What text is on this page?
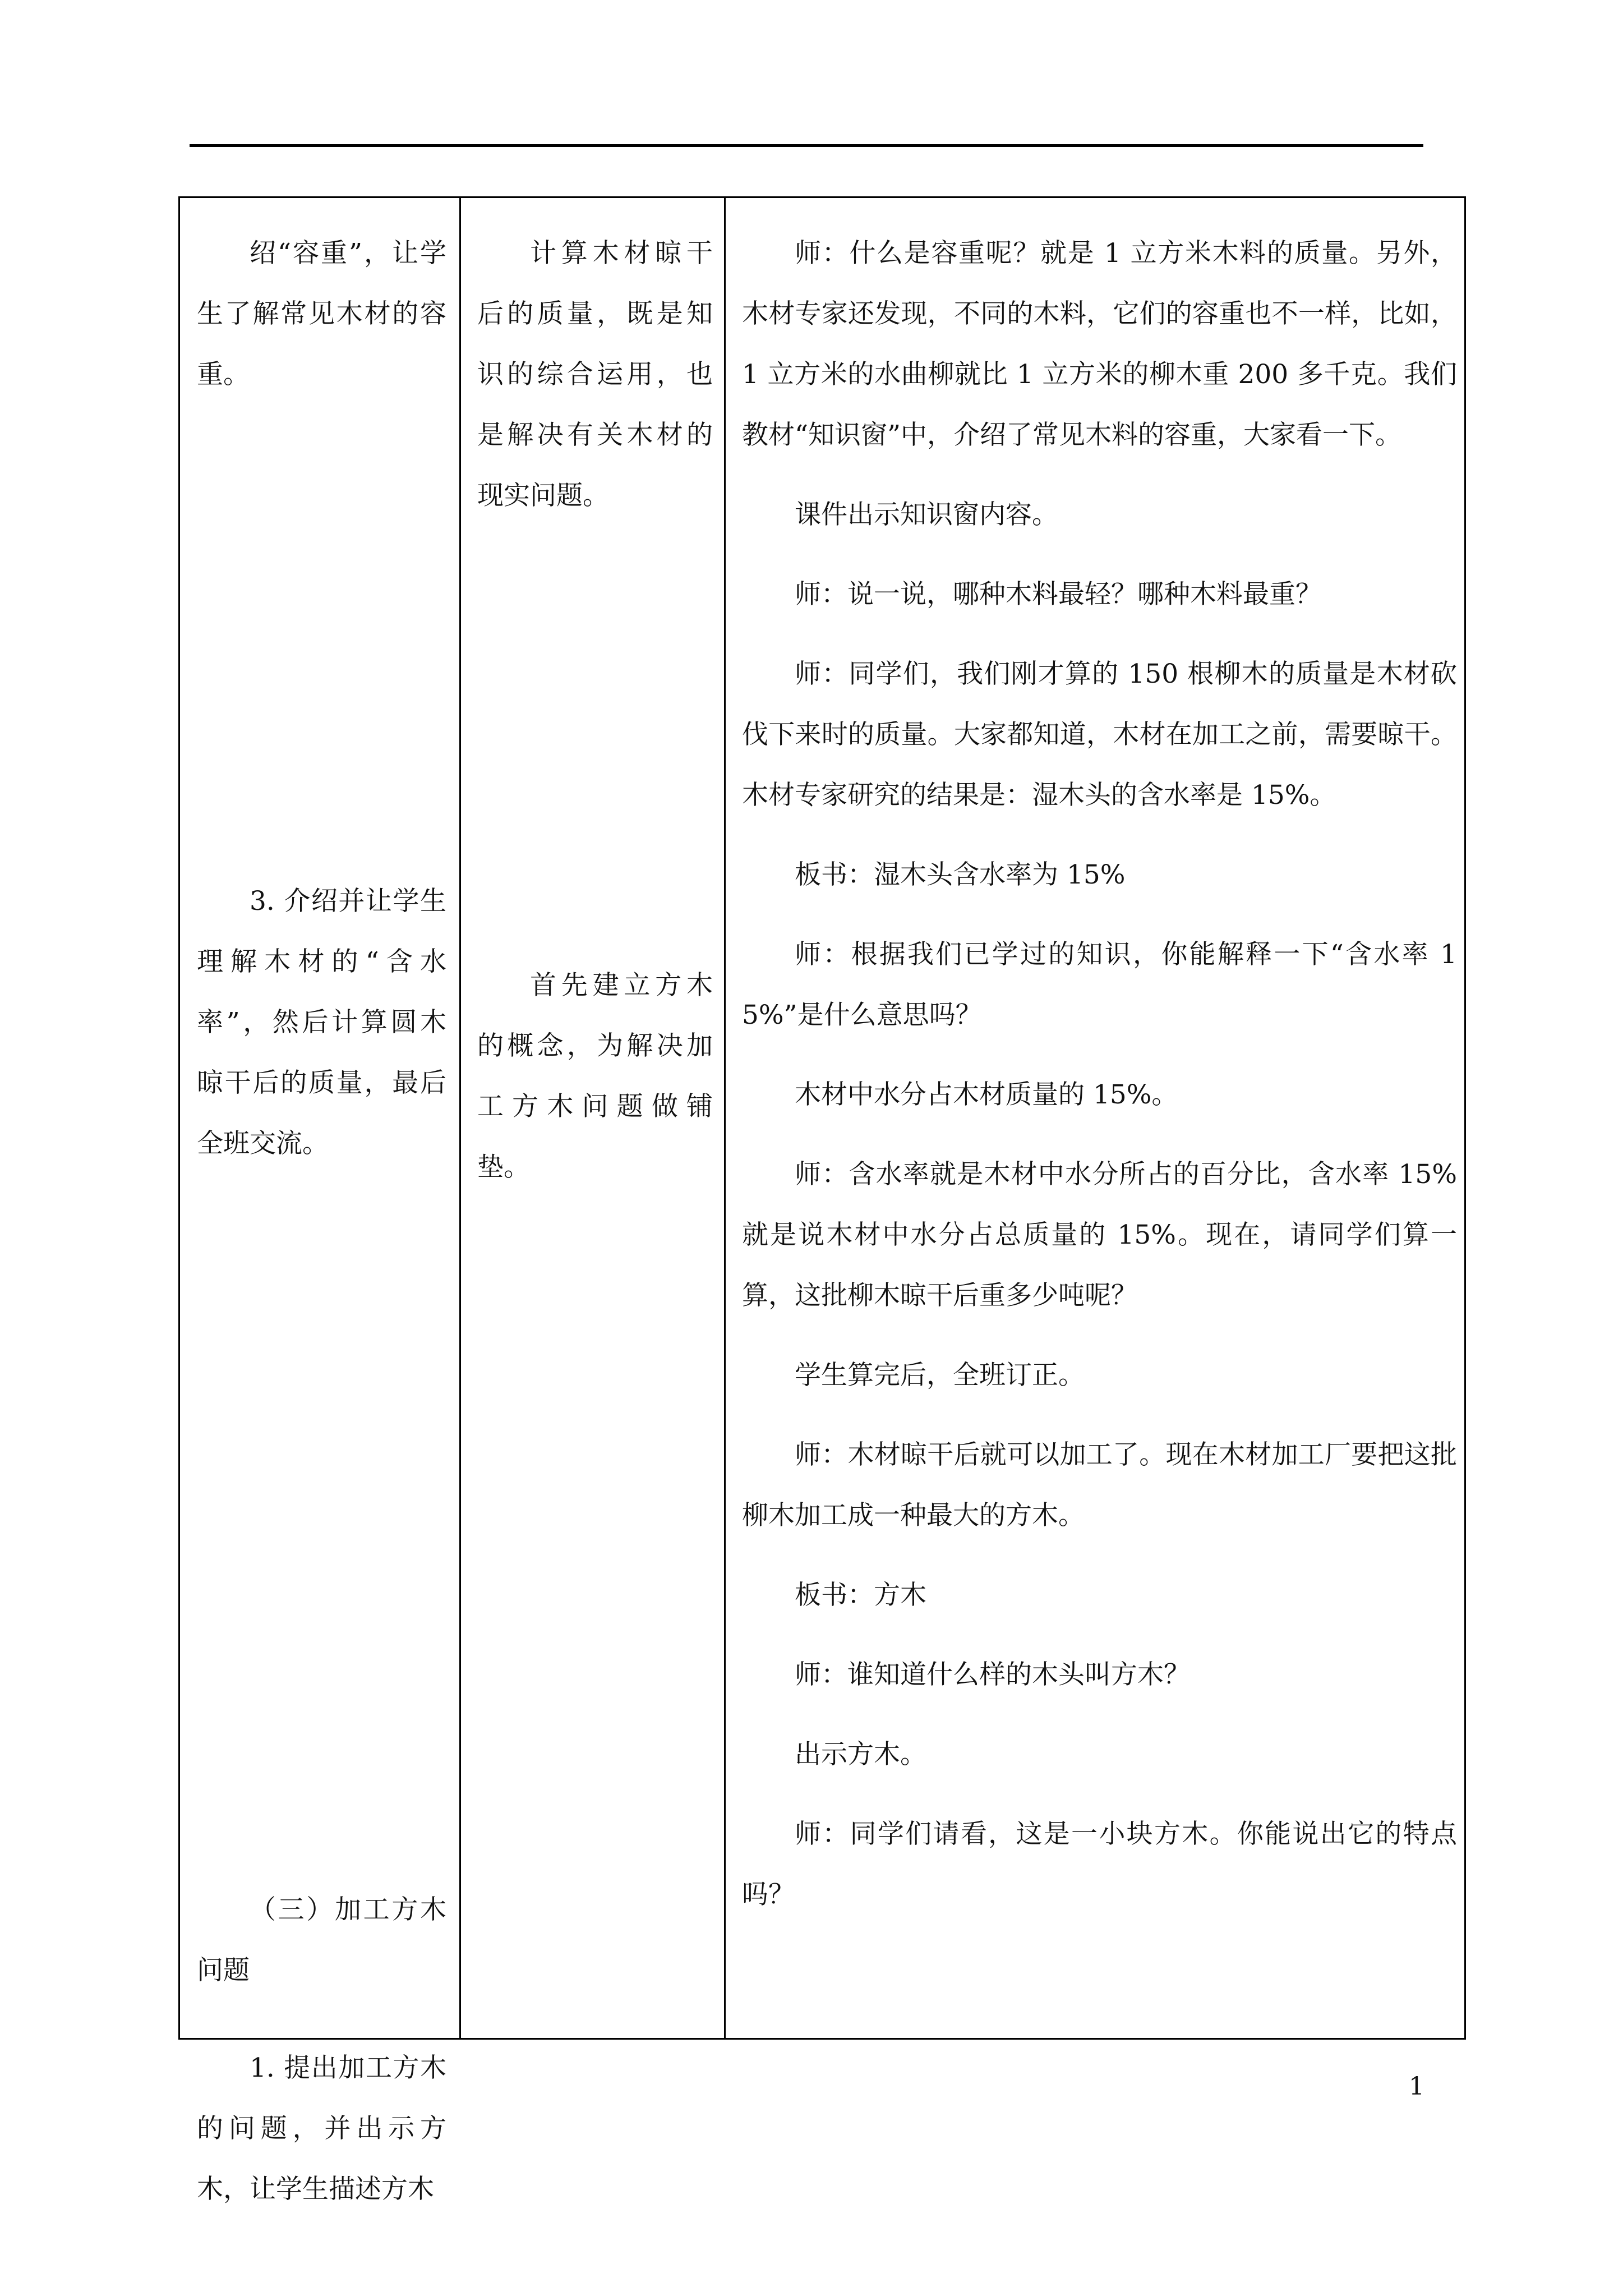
绍“容重”，让学生了解常见木材的容重。

3. 介绍并让学生理解木材的“含水率”，然后计算圆木晾干后的质量，最后全班交流。

（三）加工方木问题

1. 提出加工方木的问题，并出示方木，让学生描述方木

计算木材晾干后的质量，既是知识的综合运用，也是解决有关木材的现实问题。

首先建立方木的概念，为解决加工方木问题做铺垫。

师：什么是容重呢？就是 1 立方米木料的质量。另外，木材专家还发现，不同的木料，它们的容重也不一样，比如，1 立方米的水曲柳就比 1 立方米的柳木重 200 多千克。我们教材“知识窗”中，介绍了常见木料的容重，大家看一下。

课件出示知识窗内容。

师：说一说，哪种木料最轻？哪种木料最重？

师：同学们，我们刚才算的 150 根柳木的质量是木材砍伐下来时的质量。大家都知道，木材在加工之前，需要晾干。木材专家研究的结果是：湿木头的含水率是 15%。

板书：湿木头含水率为 15%

师：根据我们已学过的知识，你能解释一下“含水率 15%”是什么意思吗？

木材中水分占木材质量的 15%。

师：含水率就是木材中水分所占的百分比，含水率 15%就是说木材中水分占总质量的 15%。现在，请同学们算一算，这批柳木晾干后重多少吨呢？

学生算完后，全班订正。

师：木材晾干后就可以加工了。现在木材加工厂要把这批柳木加工成一种最大的方木。

板书：方木

师：谁知道什么样的木头叫方木？

出示方木。

师：同学们请看，这是一小块方木。你能说出它的特点吗？

1
